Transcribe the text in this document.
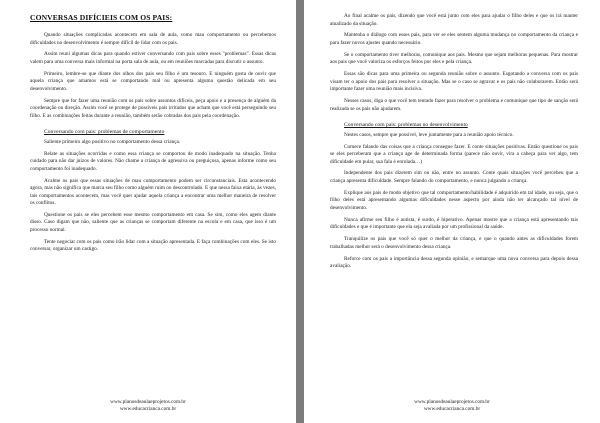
CONVERSAS DIFÍCIEIS COM OS PAIS:

Quando situações complicadas acontecem em sala de aula, como mau comportamento ou percebemos dificuldades no desenvolvimento é sempre difícil de lidar com os pais.

Assim reuni algumas dicas para quando estiver conversando com pais sobre esses "problemas". Essas dicas valem para uma conversa mais informal na porta sala de aula, ou em reuniões marcadas para discutir o assunto.

Primeiro, lembre-se que diante dos olhos dos pais seu filho é um tesouro. E ninguém gosta de ouvir que aquela criança que amamos está se comportando mal ou apresenta alguma questão delicada em seu desenvolvimento.

Sempre que for fazer uma reunião com os pais sobre assuntos difíceis, peça apoio e a presença de alguém da coordenação ou direção. Assim você se protege de possíveis pais irritados que acham que você está perseguindo seu filho. E as combinações feitas durante a reunião, também serão cobradas dos pais pela coordenação.

Conversando com pais: problemas de comportamento

Saliente primeiro algo positivo no comportamento dessa criança.

Relate as situações ocorridas e como essa criança se comportou de modo inadequado na situação. Tenha cuidado para não dar juízos de valores. Não chame a criança de agressiva ou preguiçosa, apenas informe como seu comportamento foi inadequado.

Acalme os pais que essas situações de mau comportamento podem ser circunstanciais. Esta acontecendo agora, mas não significa que marca seu filho como alguém ruim ou descontrolado. E que nessa faixa etária, às vezes, tais comportamentos acontecem, mas você quer ajudar aquela criança a encontrar uma melhor maneira de resolver os conflitos.

Questione os pais se eles percebem esse mesmo comportamento em casa. Se sim, como eles agem diante disso. Caso digam que não, saliente que as crianças se comportam diferente na escola e em casa, que isso é um processo normal.

Tente negociar com os pais como irão lidar com a situação apresentada. E faça combinações com eles. Se isto conversar, organizar um castigo.

www.planosdeaulaeprojetos.com.br
www.educacrianca.com.br

Ao final acalme os pais, dizendo que você está junto com eles para ajudar o filho deles e que os irá manter atualizado da situação.

Mantenha o diálogo com esses pais, para ver se eles sentem alguma mudança no comportamento da criança e para fazer novos ajustes quando necessário.

Se o comportamento tiver melhoras, comunique aos pais. Mesmo que sejam melhoras pequenas. Para mostrar aos pais que você valoriza os esforços feitos por eles e pela criança.

Essas são dicas para uma primeira ou segunda reunião sobre o assunto. Esgotando a conversa com os pais visam ter o apoio dos pais para resolver a situação. Mas se o caso se agravar e os pais não colaborarem. Então será importante fazer uma reunião mais incisiva.

Nesses casos, diga o que você tem tentado fazer para resolver o problema e comunique que tipo de sanção será realizada se os pais não ajudarem.

Conversando com pais: problemas no desenvolvimento

Nestes casos, sempre que possível, leve juntamente para a reunião apoio técnico.

Comece falando das coisas que a criança consegue fazer. E conte situações positivas. Então questione os pais se eles perceberam que a criança age de determinada forma (parece não ouvir, vira a cabeça para ver algo, tem dificuldade em pular, sua fala é enrolada…)

Independente dos pais dizerem sim ou não, entre no assunto. Conte quais situações você percebeu que a criança apresenta dificuldade. Sempre falando do comportamento, e nunca julgando a criança.

Explique aos pais de modo objetivo que tal comportamento/habilidade é adquirido em tal idade, ou seja, que o filho deles está apresentando algumas dificuldades nesse aspecto por ainda não ter alcançado tal nível de desenvolvimento.

Nunca afirme seu filho é autista, é surdo, é hiperativo. Apenas mostre que a criança está apresentando tais dificuldades e que é importante que ela seja avaliada por um profissional da saúde.

Tranquilize os pais que você só quer o melhor da criança, e que o quando antes as dificuldades forem trabalhadas melhor será o desenvolvimento dessa criança.

Reforce com os pais a importância dessa segunda opinião, e semarque uma nova conversa para depois dessa avaliação.

www.planosdeaulaeprojetos.com.br
www.educacrianca.com.br
